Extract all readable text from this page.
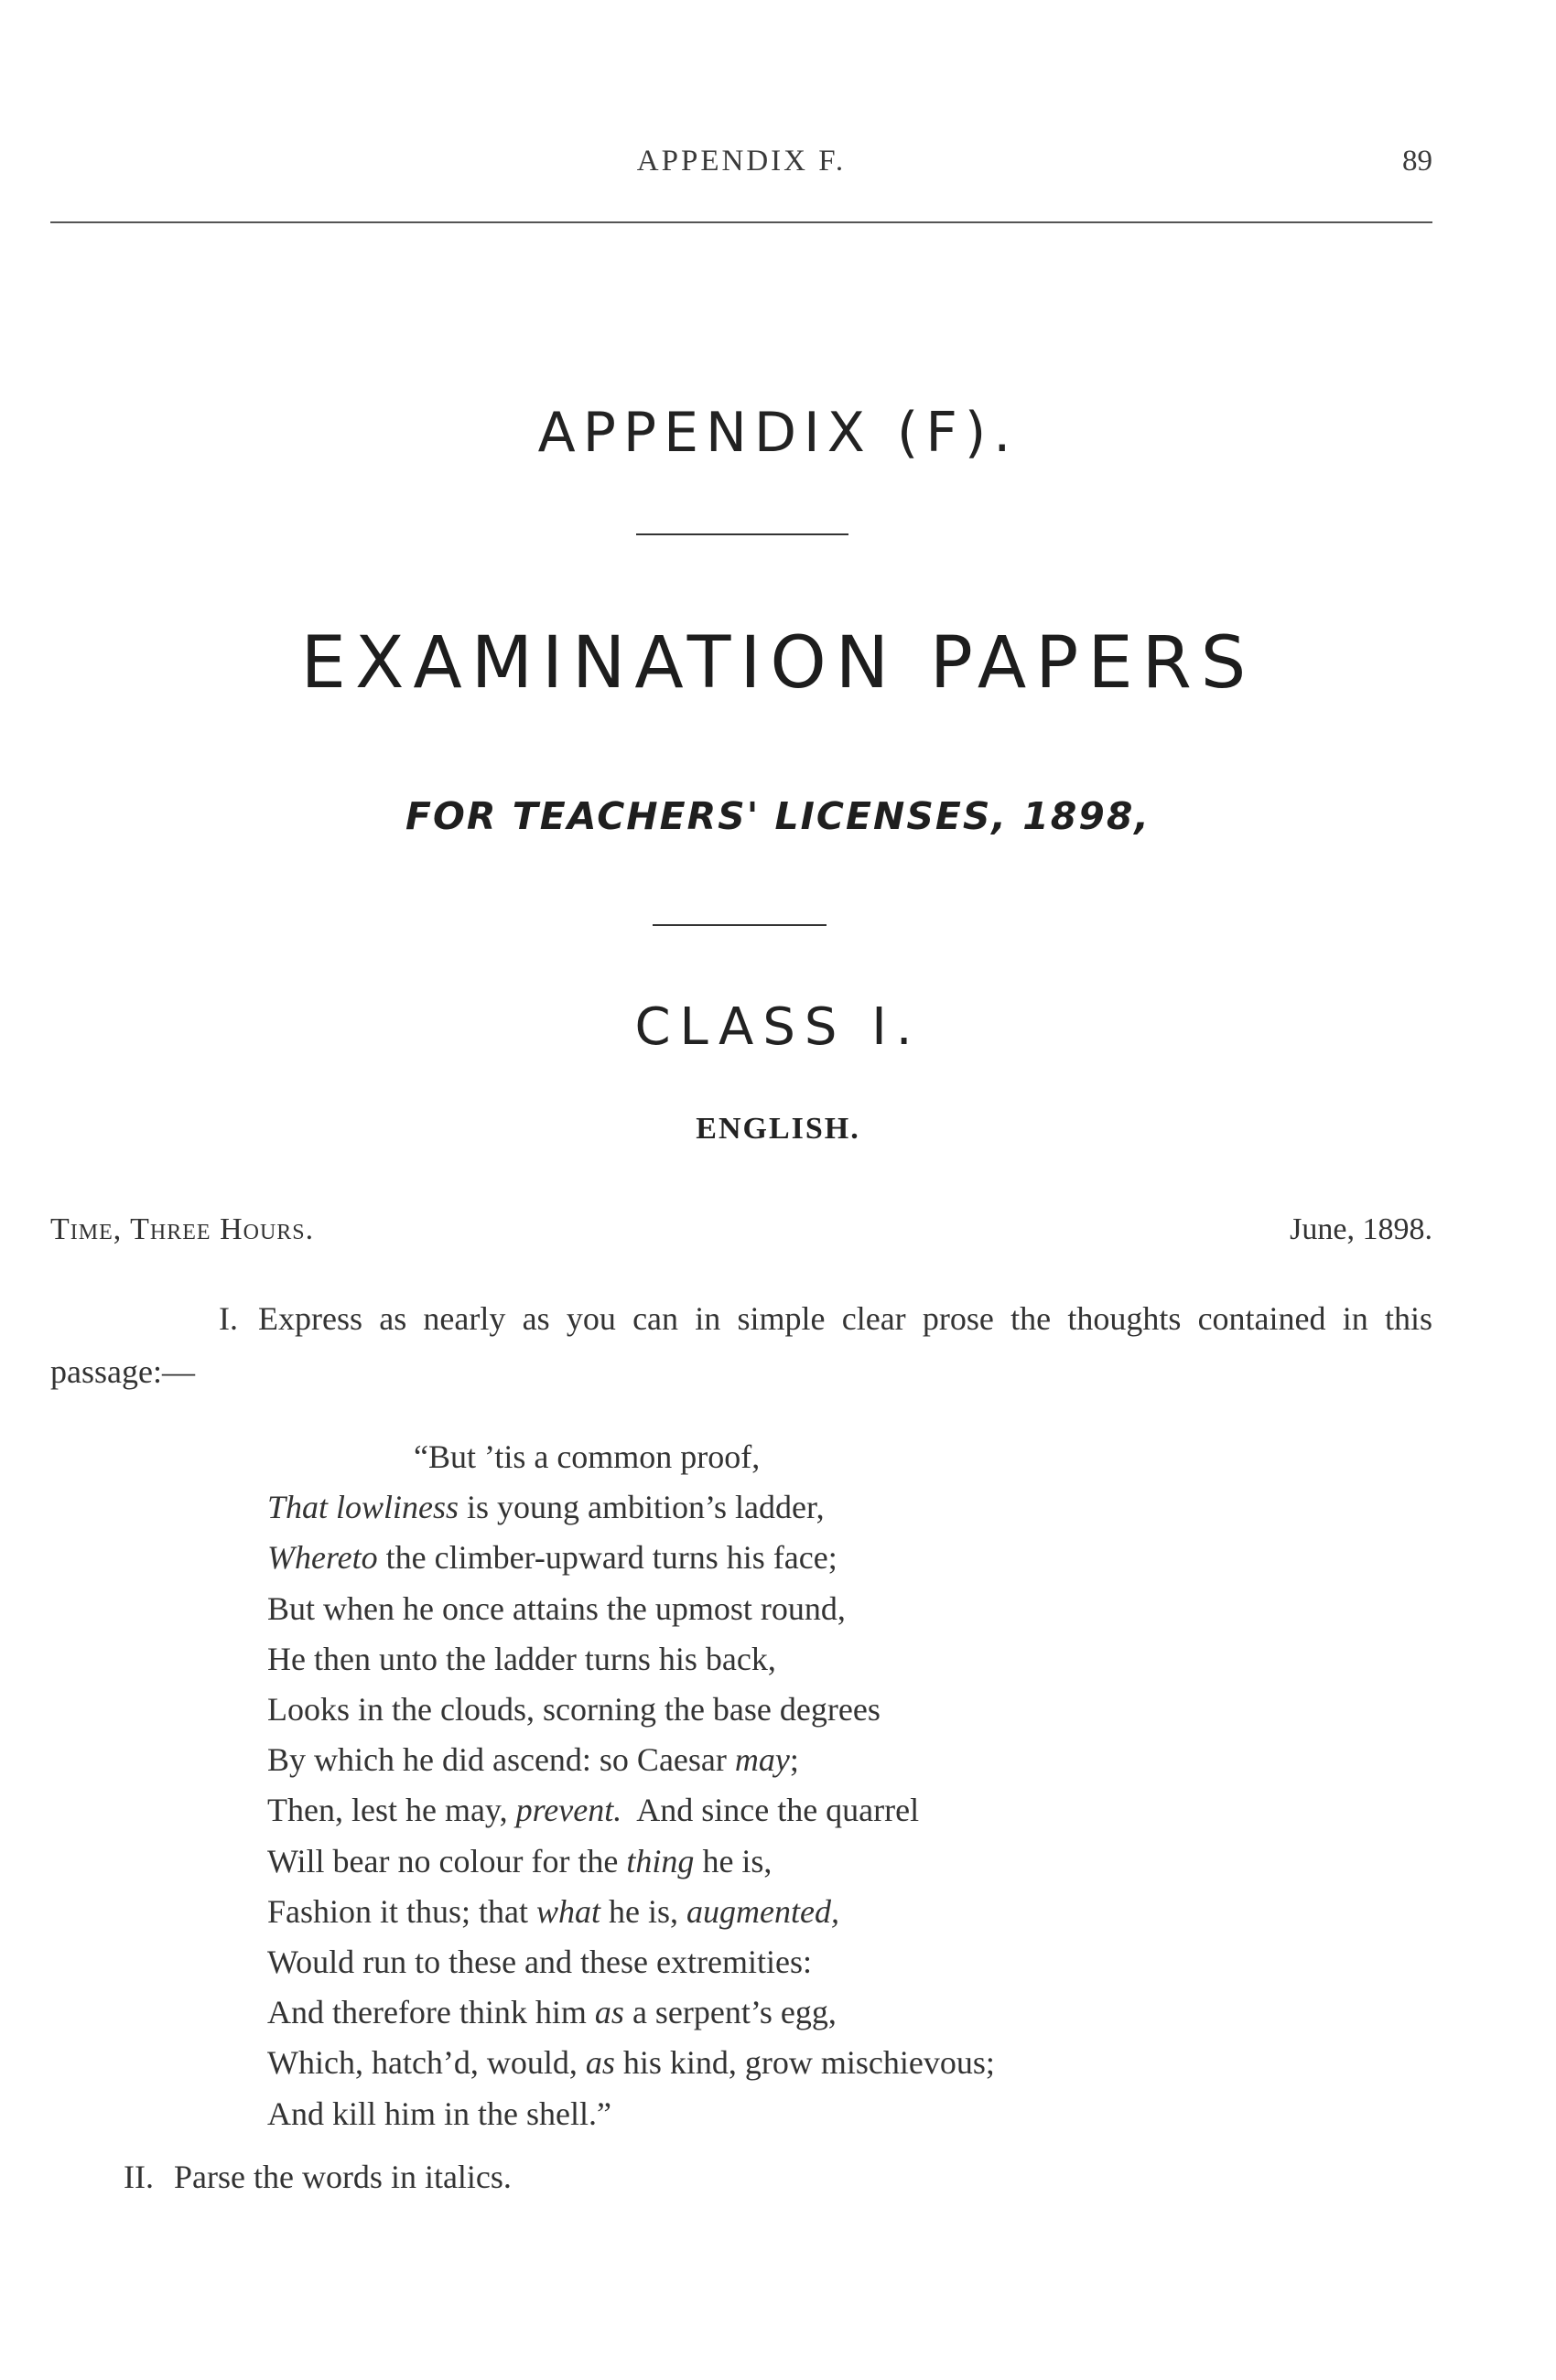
APPENDIX F.	89
APPENDIX (F).
EXAMINATION PAPERS
FOR TEACHERS' LICENSES, 1898,
CLASS I.
ENGLISH.
Time, Three Hours.	June, 1898.
I. Express as nearly as you can in simple clear prose the thoughts contained in this passage:—
“But ’tis a common proof,
That lowliness is young ambition’s ladder,
Whereto the climber-upward turns his face;
But when he once attains the upmost round,
He then unto the ladder turns his back,
Looks in the clouds, scorning the base degrees
By which he did ascend: so Caesar may;
Then, lest he may, prevent.  And since the quarrel
Will bear no colour for the thing he is,
Fashion it thus; that what he is, augmented,
Would run to these and these extremities:
And therefore think him as a serpent’s egg,
Which, hatch’d, would, as his kind, grow mischievous;
And kill him in the shell.”
II. Parse the words in italics.
